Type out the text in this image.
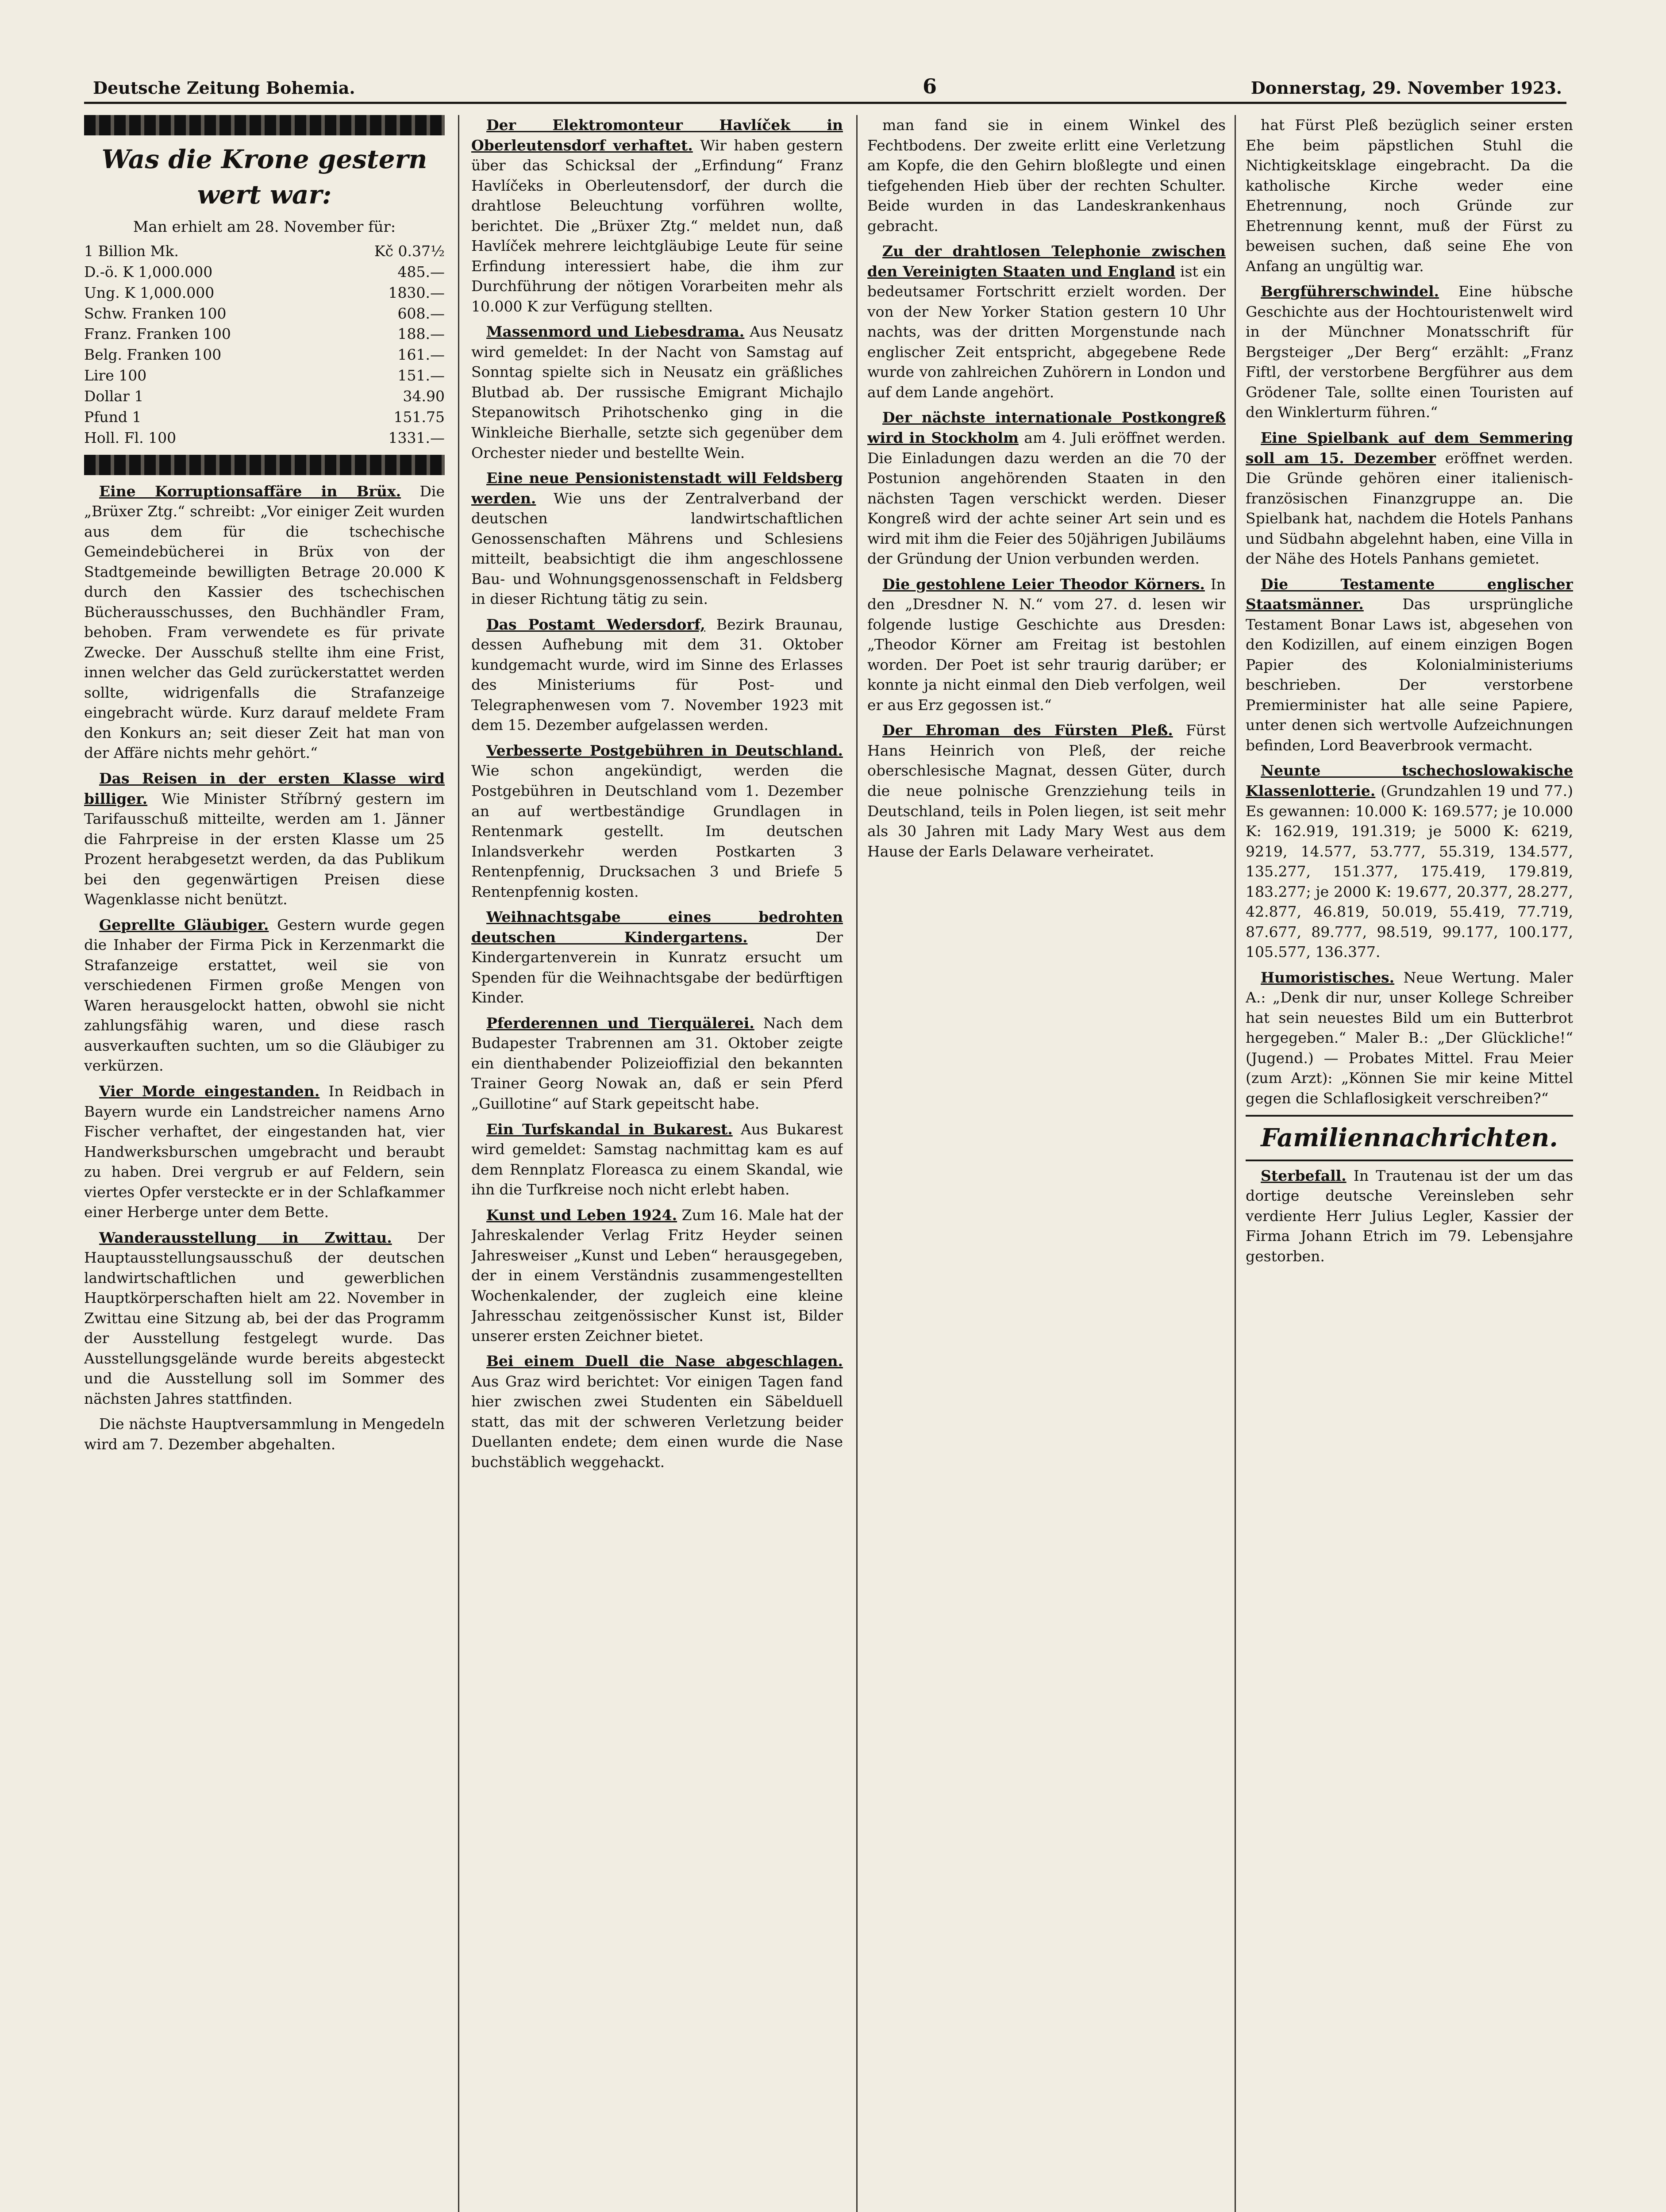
Deutsche Zeitung Bohemia.	6	Donnerstag, 29. November 1923.
Was die Krone gestern wert war:
Man erhielt am 28. November für:
1 Billion Mk.	Kč 0.37½
D.-ö. K 1,000.000	485.—
Ung. K 1,000.000	1830.—
Schw. Franken 100	608.—
Franz. Franken 100	188.—
Belg. Franken 100	161.—
Lire 100	151.—
Dollar 1	34.90
Pfund 1	151.75
Holl. Fl. 100	1331.—

Eine Korruptionsaffäre in Brüx. Die „Brüxer Ztg.“ schreibt: „Vor einiger Zeit wurden aus dem für die tschechische Gemeindebücherei in Brüx von der Stadtgemeinde bewilligten Betrage 20.000 K durch den Kassier des tschechischen Bücherausschusses, den Buchhändler Fram, behoben. Fram verwendete es für private Zwecke. Der Ausschuß stellte ihm eine Frist, innen welcher das Geld zurückerstattet werden sollte, widrigenfalls die Strafanzeige eingebracht würde. Kurz darauf meldete Fram den Konkurs an; seit dieser Zeit hat man von der Affäre nichts mehr gehört.“

Das Reisen in der ersten Klasse wird billiger. Wie Minister Stříbrný gestern im Tarifausschuß mitteilte, werden am 1. Jänner die Fahrpreise in der ersten Klasse um 25 Prozent herabgesetzt werden, da das Publikum bei den gegenwärtigen Preisen diese Wagenklasse nicht benützt.

Geprellte Gläubiger. Gestern wurde gegen die Inhaber der Firma Pick in Kerzenmarkt die Strafanzeige erstattet, weil sie von verschiedenen Firmen große Mengen von Waren herausgelockt hatten, obwohl sie nicht zahlungsfähig waren, und diese rasch ausverkauften suchten, um so die Gläubiger zu verkürzen.

Vier Morde eingestanden. In Reidbach in Bayern wurde ein Landstreicher namens Arno Fischer verhaftet, der eingestanden hat, vier Handwerksburschen umgebracht und beraubt zu haben. Drei vergrub er auf Feldern, sein viertes Opfer versteckte er in der Schlafkammer einer Herberge unter dem Bette.

Wanderausstellung in Zwittau. Der Hauptausstellungsausschuß der deutschen landwirtschaftlichen und gewerblichen Hauptkörperschaften hielt am 22. November in Zwittau eine Sitzung ab, bei der das Programm der Ausstellung festgelegt wurde. Das Ausstellungsgelände wurde bereits abgesteckt und die Ausstellung soll im Sommer des nächsten Jahres stattfinden.

Die nächste Hauptversammlung in Mengedeln wird am 7. Dezember abgehalten.

Der Elektromonteur Havlíček in Oberleutensdorf verhaftet. Wir haben gestern über das Schicksal der „Erfindung“ Franz Havlíčeks in Oberleutensdorf, der durch die drahtlose Beleuchtung vorführen wollte, berichtet. Die „Brüxer Ztg.“ meldet nun, daß Havlíček mehrere leichtgläubige Leute für seine Erfindung interessiert habe, die ihm zur Durchführung der nötigen Vorarbeiten mehr als 10.000 K zur Verfügung stellten.

Massenmord und Liebesdrama. Aus Neusatz wird gemeldet: In der Nacht von Samstag auf Sonntag spielte sich in Neusatz ein gräßliches Blutbad ab. Der russische Emigrant Michajlo Stepanowitsch Prihotschenko ging in die Winkleiche Bierhalle, setzte sich gegenüber dem Orchester nieder und bestellte Wein.

Eine neue Pensionistenstadt will Feldsberg werden. Wie uns der Zentralverband der deutschen landwirtschaftlichen Genossenschaften Mährens und Schlesiens mitteilt, beabsichtigt die ihm angeschlossene Bau- und Wohnungsgenossenschaft in Feldsberg in dieser Richtung tätig zu sein.

Das Postamt Wedersdorf, Bezirk Braunau, dessen Aufhebung mit dem 31. Oktober kundgemacht wurde, wird im Sinne des Erlasses des Ministeriums für Post- und Telegraphenwesen vom 7. November 1923 mit dem 15. Dezember aufgelassen werden.

Verbesserte Postgebühren in Deutschland. Wie schon angekündigt, werden die Postgebühren in Deutschland vom 1. Dezember an auf wertbeständige Grundlagen in Rentenmark gestellt. Im deutschen Inlandsverkehr werden Postkarten 3 Rentenpfennig, Drucksachen 3 und Briefe 5 Rentenpfennig kosten.

Weihnachtsgabe eines bedrohten deutschen Kindergartens.	Der Kindergartenverein in Kunratz ersucht um Spenden für die Weihnachtsgabe der bedürftigen Kinder.

Pferderennen und Tierquälerei. Nach dem Budapester Trabrennen am 31. Oktober zeigte ein dienthabender Polizeioffizial den bekannten Trainer Georg Nowak an, daß er sein Pferd „Guillotine“ auf Stark gepeitscht habe.

Ein Turfskandal in Bukarest. Aus Bukarest wird gemeldet: Samstag nachmittag kam es auf dem Rennplatz Floreasca zu einem Skandal, wie ihn die Turfkreise noch nicht erlebt haben.

Kunst und Leben 1924. Zum 16. Male hat der Jahreskalender Verlag Fritz Heyder seinen Jahresweiser „Kunst und Leben“ herausgegeben, der in einem Verständnis zusammengestellten Wochenkalender, der zugleich eine kleine Jahresschau zeitgenössischer Kunst ist, Bilder unserer ersten Zeichner bietet.

Bei einem Duell die Nase abgeschlagen. Aus Graz wird berichtet: Vor einigen Tagen fand hier zwischen zwei Studenten ein Säbelduell statt, das mit der schweren Verletzung beider Duellanten endete; dem einen wurde die Nase buchstäblich weggehackt.

man fand sie in einem Winkel des Fechtbodens. Der zweite erlitt eine Verletzung am Kopfe, die den Gehirn bloßlegte und einen tiefgehenden Hieb über der rechten Schulter. Beide wurden in das Landeskrankenhaus gebracht.

Zu der drahtlosen Telephonie zwischen den Vereinigten Staaten und England ist ein bedeutsamer Fortschritt erzielt worden. Der von der New Yorker Station gestern 10 Uhr nachts, was der dritten Morgenstunde nach englischer Zeit entspricht, abgegebene Rede wurde von zahlreichen Zuhörern in London und auf dem Lande angehört.

Der nächste internationale Postkongreß wird in Stockholm am 4. Juli eröffnet werden. Die Einladungen dazu werden an die 70 der Postunion angehörenden Staaten in den nächsten Tagen verschickt werden. Dieser Kongreß wird der achte seiner Art sein und es wird mit ihm die Feier des 50jährigen Jubiläums der Gründung der Union verbunden werden.

Die gestohlene Leier Theodor Körners. In den „Dresdner N. N.“ vom 27. d. lesen wir folgende lustige Geschichte aus Dresden: „Theodor Körner am Freitag ist bestohlen worden. Der Poet ist sehr traurig darüber; er konnte ja nicht einmal den Dieb verfolgen, weil er aus Erz gegossen ist.“

Der Ehroman des Fürsten Pleß. Fürst Hans Heinrich von Pleß, der reiche oberschlesische Magnat, dessen Güter, durch die neue polnische Grenzziehung teils in Deutschland, teils in Polen liegen, ist seit mehr als 30 Jahren mit Lady Mary West aus dem Hause der Earls Delaware verheiratet.

hat Fürst Pleß bezüglich seiner ersten Ehe beim päpstlichen Stuhl die Nichtigkeitsklage eingebracht. Da die katholische Kirche weder eine Ehetrennung, noch Gründe zur Ehetrennung kennt, muß der Fürst zu beweisen suchen, daß seine Ehe von Anfang an ungültig war.

Bergführerschwindel. Eine hübsche Geschichte aus der Hochtouristenwelt wird in der Münchner Monatsschrift für Bergsteiger „Der Berg“ erzählt: „Franz Fiftl, der verstorbene Bergführer aus dem Grödener Tale, sollte einen Touristen auf den Winklerturm führen.“

Eine Spielbank auf dem Semmering soll am 15. Dezember eröffnet werden. Die Gründe gehören einer italienisch-französischen Finanzgruppe an. Die Spielbank hat, nachdem die Hotels Panhans und Südbahn abgelehnt haben, eine Villa in der Nähe des Hotels Panhans gemietet.

Die Testamente englischer Staatsmänner.	Das ursprüngliche Testament Bonar Laws ist, abgesehen von den Kodizillen, auf einem einzigen Bogen Papier des Kolonialministeriums beschrieben. Der verstorbene Premierminister hat alle seine Papiere, unter denen sich wertvolle Aufzeichnungen befinden, Lord Beaverbrook vermacht.

Neunte tschechoslowakische Klassenlotterie. (Grundzahlen 19 und 77.) Es gewannen: 10.000 K: 169.577; je 10.000 K: 162.919, 191.319; je 5000 K: 6219, 9219, 14.577, 53.777, 55.319, 134.577, 135.277, 151.377, 175.419, 179.819, 183.277; je 2000 K: 19.677, 20.377, 28.277, 42.877, 46.819, 50.019, 55.419, 77.719, 87.677, 89.777, 98.519, 99.177, 100.177, 105.577, 136.377.

Humoristisches. Neue Wertung. Maler A.: „Denk dir nur, unser Kollege Schreiber hat sein neuestes Bild um ein Butterbrot hergegeben.“ Maler B.: „Der Glückliche!“ (Jugend.) — Probates Mittel. Frau Meier (zum Arzt): „Können Sie mir keine Mittel gegen die Schlaflosigkeit verschreiben?“

Familiennachrichten.

Sterbefall. In Trautenau ist der um das dortige deutsche Vereinsleben sehr verdiente Herr Julius Legler, Kassier der Firma Johann Etrich im 79. Lebensjahre gestorben.
